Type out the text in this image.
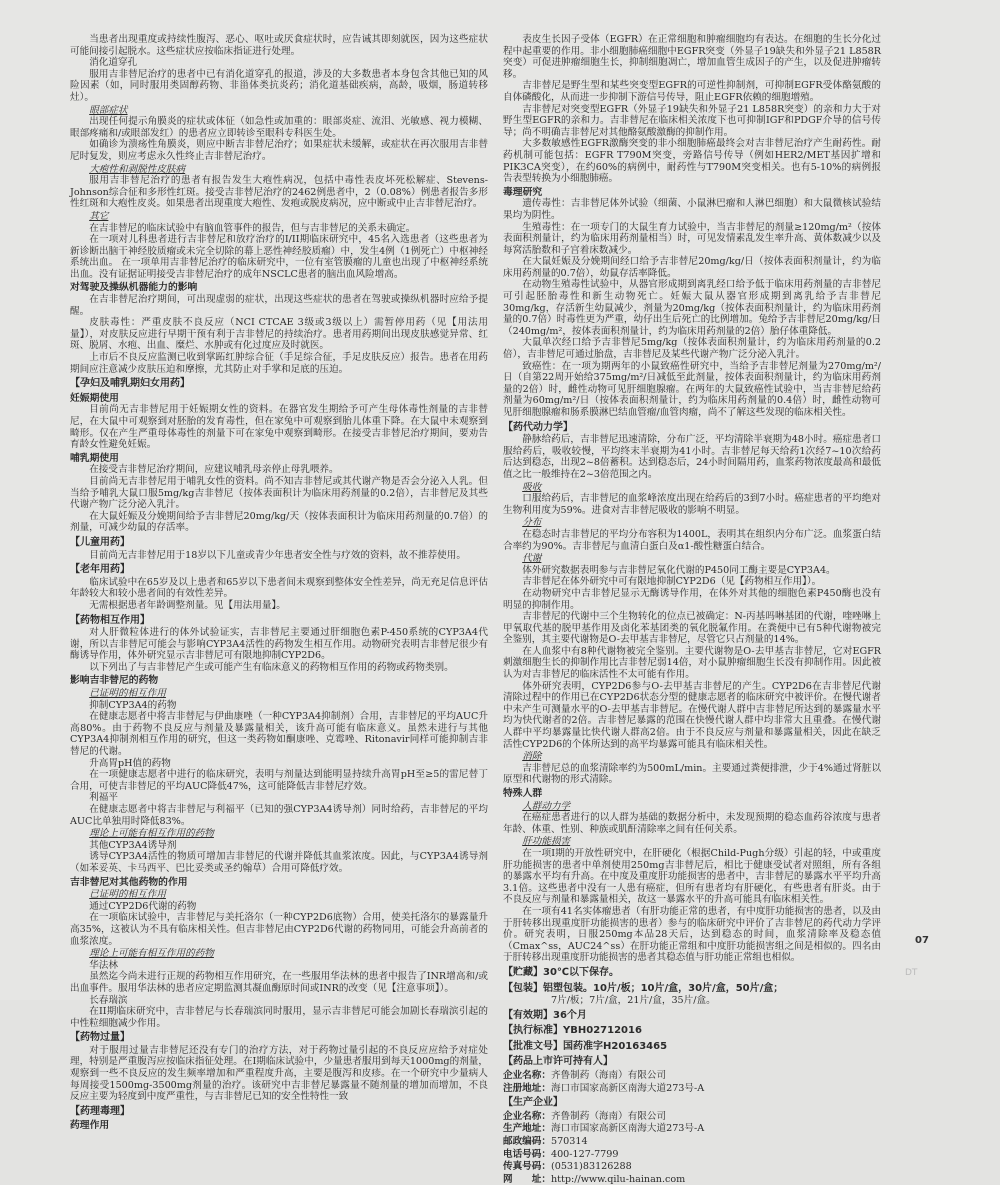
当患者出现重度或持续性腹泻、恶心、呕吐或厌食症状时，应告诫其即刻就医，因为这些症状可能间接引起脱水。这些症状应按临床指证进行处理。
消化道穿孔
服用吉非替尼治疗的患者中已有消化道穿孔的报道，涉及的大多数患者本身包含其他已知的风险因素（如，同时服用类固醇药物、非甾体类抗炎药；消化道基础疾病，高龄，吸烟，肠道转移灶）。
眼部症状
出现任何提示角膜炎的症状或体征（如急性或加重的：眼部炎症、流泪、光敏感、视力模糊、眼部疼痛和/或眼部发红）的患者应立即转诊至眼科专科医生处。
如确诊为溃疡性角膜炎，则应中断吉非替尼治疗；如果症状未缓解，或症状在再次服用吉非替尼时复发，则应考虑永久性终止吉非替尼治疗。
大疱性和剥脱性皮肤病
服用吉非替尼治疗的患者有报告发生大疱性病况，包括中毒性表皮坏死松解症、Stevens-Johnson综合征和多形性红斑。接受吉非替尼治疗的2462例患者中，2（0.08%）例患者报告多形性红斑和大疱性皮炎。如果患者出现重度大疱性、发疱或脱皮病况，应中断或中止吉非替尼治疗。
其它
在吉非替尼的临床试验中有脑血管事件的报告，但与吉非替尼的关系未确定。
在一项对儿科患者进行吉非替尼和放疗治疗的I/II期临床研究中，45名入选患者（这些患者为新诊断出脑干神经胶质瘤或未完全切除的幕上恶性神经胶质瘤）中，发生4例（1例死亡）中枢神经系统出血。 在一项单用吉非替尼治疗的临床研究中，一位有室管膜瘤的儿童也出现了中枢神经系统出血。没有证据证明接受吉非替尼治疗的成年NSCLC患者的脑出血风险增高。
对驾驶及操纵机器能力的影响
在吉非替尼治疗期间，可出现虚弱的症状，出现这些症状的患者在驾驶或操纵机器时应给予提醒。
皮肤毒性：严重皮肤不良反应（NCI CTCAE 3级或3级以上）需暂停用药（见【用法用量】），对皮肤反应进行早期干预有利于吉非替尼的持续治疗。患者用药期间出现皮肤感觉异常、红斑、脱屑、水疱、出血、糜烂、水肿或有化过度应及时就医。
上市后不良反应监测已收到掌跖红肿综合征（手足综合征，手足皮肤反应）报告。患者在用药期间应注意减少皮肤压迫和摩擦，尤其防止对手掌和足底的压迫。
【孕妇及哺乳期妇女用药】

妊娠期使用
目前尚无吉非替尼用于妊娠期女性的资料。在器官发生期给予可产生母体毒性剂量的吉非替尼，在大鼠中可观察到对胚胎的发育毒性，但在家兔中可观察到胎儿体重下降。在大鼠中未观察到畸形。仅在产生严重母体毒性的剂量下可在家兔中观察到畸形。在接受吉非替尼治疗期间，要劝告育龄女性避免妊娠。
哺乳期使用
在接受吉非替尼治疗期间，应建议哺乳母亲停止母乳喂养。
目前尚无吉非替尼用于哺乳女性的资料。尚不知吉非替尼或其代谢产物是否会分泌入人乳。但当给予哺乳大鼠口服5mg/kg吉非替尼（按体表面积计为临床用药剂量的0.2倍），吉非替尼及其些代谢产物广泛分泌入乳汁。
在大鼠妊娠及分娩期间给予吉非替尼20mg/kg/天（按体表面积计为临床用药剂量的0.7倍）的剂量，可减少幼鼠的存活率。
【儿童用药】

目前尚无吉非替尼用于18岁以下儿童或青少年患者安全性与疗效的资料，故不推荐使用。
【老年用药】

临床试验中在65岁及以上患者和65岁以下患者间未观察到整体安全性差异，尚无充足信息评估年龄较大和较小患者间的有效性差异。
无需根据患者年龄调整剂量。见【用法用量】。
【药物相互作用】

对人肝微粒体进行的体外试验证实，吉非替尼主要通过肝细胞色素P-450系统的CYP3A4代谢，所以吉非替尼可能会与影响CYP3A4活性的药物发生相互作用。动物研究表明吉非替尼很少有酶诱导作用，体外研究显示吉非替尼可有限地抑制CYP2D6。
以下列出了与吉非替尼产生或可能产生有临床意义的药物相互作用的药物或药物类别。
影响吉非替尼的药物
已证明的相互作用
抑制CYP3A4的药物
在健康志愿者中将吉非替尼与伊曲康唑（一种CYP3A4抑制剂）合用，吉非替尼的平均AUC升高80%。由于药物不良反应与剂量及暴露量相关，该升高可能有临床意义。虽然未进行与其他CYP3A4抑制剂相互作用的研究，但这一类药物如酮康唑、克霉唑、Ritonavir同样可能抑制吉非替尼的代谢。
升高胃pH值的药物
在一项健康志愿者中进行的临床研究，表明与剂量达到能明显持续升高胃pH至≥5的雷尼替丁合用，可使吉非替尼的平均AUC降低47%，这可能降低吉非替尼疗效。
利福平
在健康志愿者中将吉非替尼与利福平（已知的强CYP3A4诱导剂）同时给药，吉非替尼的平均AUC比单独用时降低83%。
理论上可能有相互作用的药物
其他CYP3A4诱导剂
诱导CYP3A4活性的物质可增加吉非替尼的代谢并降低其血浆浓度。因此，与CYP3A4诱导剂（如苯妥英、卡马西平、巴比妥类或圣约翰草）合用可降低疗效。
吉非替尼对其他药物的作用
已证明的相互作用
通过CYP2D6代谢的药物
在一项临床试验中，吉非替尼与美托洛尔（一种CYP2D6底物）合用，使美托洛尔的暴露量升高35%，这被认为不具有临床相关性。但吉非替尼由CYP2D6代谢的药物同用，可能会升高前者的血浆浓度。
理论上可能有相互作用的药物
华法林
虽然迄今尚未进行正规的药物相互作用研究，在一些服用华法林的患者中报告了INR增高和/或出血事件。服用华法林的患者应定期监测其凝血酶原时间或INR的改变（见【注意事项】）。
长春瑞滨
在II期临床研究中，吉非替尼与长春瑞滨同时服用，显示吉非替尼可能会加剧长春瑞滨引起的中性粒细胞减少作用。
【药物过量】

对于服用过量吉非替尼还没有专门的治疗方法，对于药物过量引起的不良反应应给予对症处理，特别是严重腹泻应按临床指征处理。在I期临床试验中，少量患者服用到每天1000mg的剂量，观察到一些不良反应的发生频率增加和严重程度升高，主要是腹泻和皮疹。在一个研究中少量病人每周接受1500mg-3500mg剂量的治疗。该研究中吉非替尼暴露量不随剂量的增加而增加，不良反应主要为轻度到中度严重性，与吉非替尼已知的安全性特性一致
【药理毒理】

药理作用
表皮生长因子受体（EGFR）在正常细胞和肿瘤细胞均有表达。在细胞的生长分化过程中起重要的作用。非小细胞肺癌细胞中EGFR突变（外显子19缺失和外显子21 L858R突变）可促进肿瘤细胞生长，抑制细胞凋亡，增加血管生成因子的产生，以及促进肿瘤转移。
吉非替尼是野生型和某些突变型EGFR的可逆性抑制剂，可抑制EGFR受体酪氨酸的自体磷酸化，从而进一步抑制下游信号传导，阻止EGFR依赖的细胞增殖。
吉非替尼对突变型EGFR（外显子19缺失和外显子21 L858R突变）的亲和力大于对野生型EGFR的亲和力。吉非替尼在临床相关浓度下也可抑制IGF和PDGF介导的信号传导；尚不明确吉非替尼对其他酪氨酸激酶的抑制作用。
大多数敏感性EGFR激酶突变的非小细胞肺癌最终会对吉非替尼治疗产生耐药性。耐药机制可能包括：EGFR T790M突变，旁路信号传导（例如HER2/MET基因扩增和PIK3CA突变），在约60%的病例中，耐药性与T790M突变相关。也有5-10%的病例报告表型转换为小细胞肺癌。
毒理研究
遗传毒性：吉非替尼体外试验（细菌、小鼠淋巴瘤和人淋巴细胞）和大鼠微核试验结果均为阴性。
生殖毒性：在一项专门的大鼠生育力试验中，当吉非替尼的剂量≥120mg/m²（按体表面积剂量计，约为临床用药剂量相当）时，可见发情素乱发生率升高、黄体数减少以及每窝活胎数和子宫着床数减少。
在大鼠妊娠及分娩期间经口给予吉非替尼20mg/kg/日（按体表面积剂量计，约为临床用药剂量的0.7倍），幼鼠存活率降低。
在动物生殖毒性试验中，从器官形成期到离乳经口给予低于临床用药剂量的吉非替尼可引起胚胎毒性和新生动物死亡。妊娠大鼠从器官形成期到离乳给予吉非替尼30mg/kg，存活新生幼鼠减少，剂量为20mg/kg（按体表面积剂量计，约为临床用药剂量的0.7倍）时毒性更为严重，幼仔出生后死亡的比例增加。兔给予吉非替尼20mg/kg/日（240mg/m²，按体表面积剂量计，约为临床用药剂量的2倍）胎仔体重降低。
大鼠单次经口给予吉非替尼5mg/kg（按体表面积剂量计，约为临床用药剂量的0.2倍），吉非替尼可通过胎盘，吉非替尼及某些代谢产物广泛分泌入乳汁。
致癌性：在一项为期两年的小鼠致癌性研究中，当给予吉非替尼剂量为270mg/m²/日（自第22周开始给375mg/m²/日减低至此剂量，按体表面积剂量计，约为临床用药剂量的2倍）时，雌性动物可见肝细胞腺瘤。在两年的大鼠致癌性试验中，当吉非替尼给药剂量为60mg/m²/日（按体表面积剂量计，约为临床用药剂量的0.4倍）时，雌性动物可见肝细胞腺瘤和肠系膜淋巴结血管瘤/血管肉瘤，尚不了解这些发现的临床相关性。
【药代动力学】

静脉给药后，吉非替尼迅速清除，分布广泛，平均清除半衰期为48小时。癌症患者口服给药后，吸收较慢，平均终末半衰期为41小时。吉非替尼每天给药1次经7~10次给药后达到稳态，出现2~8倍蓄积。达到稳态后，24小时间隔用药，血浆药物浓度最高和最低值之比一般维持在2~3倍范围之内。
吸收
口服给药后，吉非替尼的血浆峰浓度出现在给药后的3到7小时。癌症患者的平均绝对生物利用度为59%。进食对吉非替尼吸收的影响不明显。
分布
在稳态时吉非替尼的平均分布容积为1400L，表明其在组织内分布广泛。血浆蛋白结合率约为90%。吉非替尼与血清白蛋白及α1-酸性糖蛋白结合。
代谢
体外研究数据表明参与吉非替尼氧化代谢的P450同工酶主要是CYP3A4。
吉非替尼在体外研究中可有限地抑制CYP2D6（见【药物相互作用】）。
在动物研究中吉非替尼显示无酶诱导作用，在体外对其他的细胞色素P450酶也没有明显的抑制作用。
吉非替尼的代谢中三个生物转化的位点已被确定：N-丙基吗啉基团的代谢，喹唑啉上甲氧取代基的脱甲基作用及卤化苯基团类的氧化脱氟作用。在粪便中已有5种代谢物被完全鉴别，其主要代谢物是O-去甲基吉非替尼，尽管它只占剂量的14%。
在人血浆中有8种代谢物被完全鉴别。主要代谢物是O-去甲基吉非替尼，它对EGFR刺激细胞生长的抑制作用比吉非替尼弱14倍，对小鼠肿瘤细胞生长没有抑制作用。因此被认为对吉非替尼的临床活性不太可能有作用。
体外研究表明，CYP2D6参与O-去甲基吉非替尼的产生。CYP2D6在吉非替尼代谢清除过程中的作用已在CYP2D6状态分型的健康志愿者的临床研究中被评价。在慢代谢者中未产生可测量水平的O-去甲基吉非替尼。在慢代谢人群中吉非替尼所达到的暴露量水平均为快代谢者的2倍。吉非替尼暴露的范围在快慢代谢人群中均非常大且重叠。在慢代谢人群中平均暴露量比快代谢人群高2倍。由于不良反应与剂量和暴露量相关，因此在缺乏活性CYP2D6的个体所达到的高平均暴露可能具有临床相关性。
消除
吉非替尼总的血浆清除率约为500mL/min。主要通过粪便排泄，少于4%通过肾脏以原型和代谢物的形式清除。
特殊人群
人群动力学
在癌症患者进行的以人群为基础的数据分析中，未发现预期的稳态血药谷浓度与患者年龄、体重、性别、种族或肌酐清除率之间有任何关系。
肝功能损害
在一项I期的开放性研究中，在肝硬化（根据Child-Pugh分级）引起的轻，中或重度肝功能损害的患者中单剂使用250mg吉非替尼后，相比于健康受试者对照组，所有各组的暴露水平均有升高。在中度及重度肝功能损害的患者中，吉非替尼的暴露水平平均升高3.1倍。这些患者中没有一人患有癌症，但所有患者均有肝硬化，有些患者有肝炎。由于不良反应与剂量和暴露量相关，故这一暴露水平的升高可能具有临床相关性。
在一项有41名实体瘤患者（有肝功能正常的患者，有中度肝功能损害的患者，以及由于肝转移出现重度肝功能损害的患者）参与的临床研究中评价了吉非替尼的药代动力学评价。研究表明，日服250mg本品28天后，达到稳态的时间，血浆清除率及稳态值（Cmax^ss，AUC24^ss）在肝功能正常组和中度肝功能损害组之间是相似的。四名由于肝转移出现重度肝功能损害的患者其稳态值与肝功能正常组也相似。
【贮藏】30℃以下保存。
【包装】铝塑包装。10片/板；10片/盒，30片/盒，50片/盒；

7片/板；7片/盒，21片/盒，35片/盒。
【有效期】36个月
【执行标准】YBH02712016
【批准文号】国药准字H20163465
【药品上市许可持有人】

企业名称：齐鲁制药（海南）有限公司
注册地址：海口市国家高新区南海大道273号-A
【生产企业】

企业名称：齐鲁制药（海南）有限公司
生产地址：海口市国家高新区南海大道273号-A
邮政编码：570314
电话号码：400-127-7799
传真号码：(0531)83126288
网　　址：http://www.qilu-hainan.com
07
DT
